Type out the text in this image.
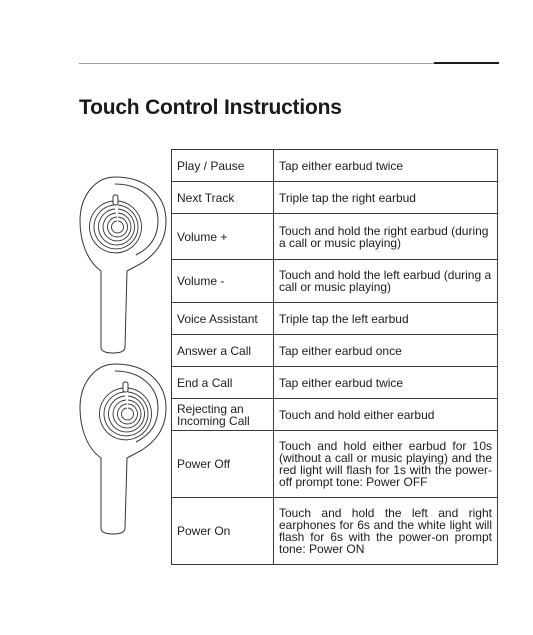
Touch Control Instructions
Play / Pause	Tap either earbud twice
Next Track	Triple tap the right earbud
Volume +	Touch and hold the right earbud (during a call or music playing)
Volume -	Touch and hold the left earbud (during a call or music playing)
Voice Assistant	Triple tap the left earbud
Answer a Call	Tap either earbud once
End a Call	Tap either earbud twice
Rejecting an Incoming Call	Touch and hold either earbud
Power Off	Touch and hold either earbud for 10s (without a call or music playing) and the red light will flash for 1s with the power-off prompt tone: Power OFF
Power On	Touch and hold the left and right earphones for 6s and the white light will flash for 6s with the power-on prompt tone: Power ON
